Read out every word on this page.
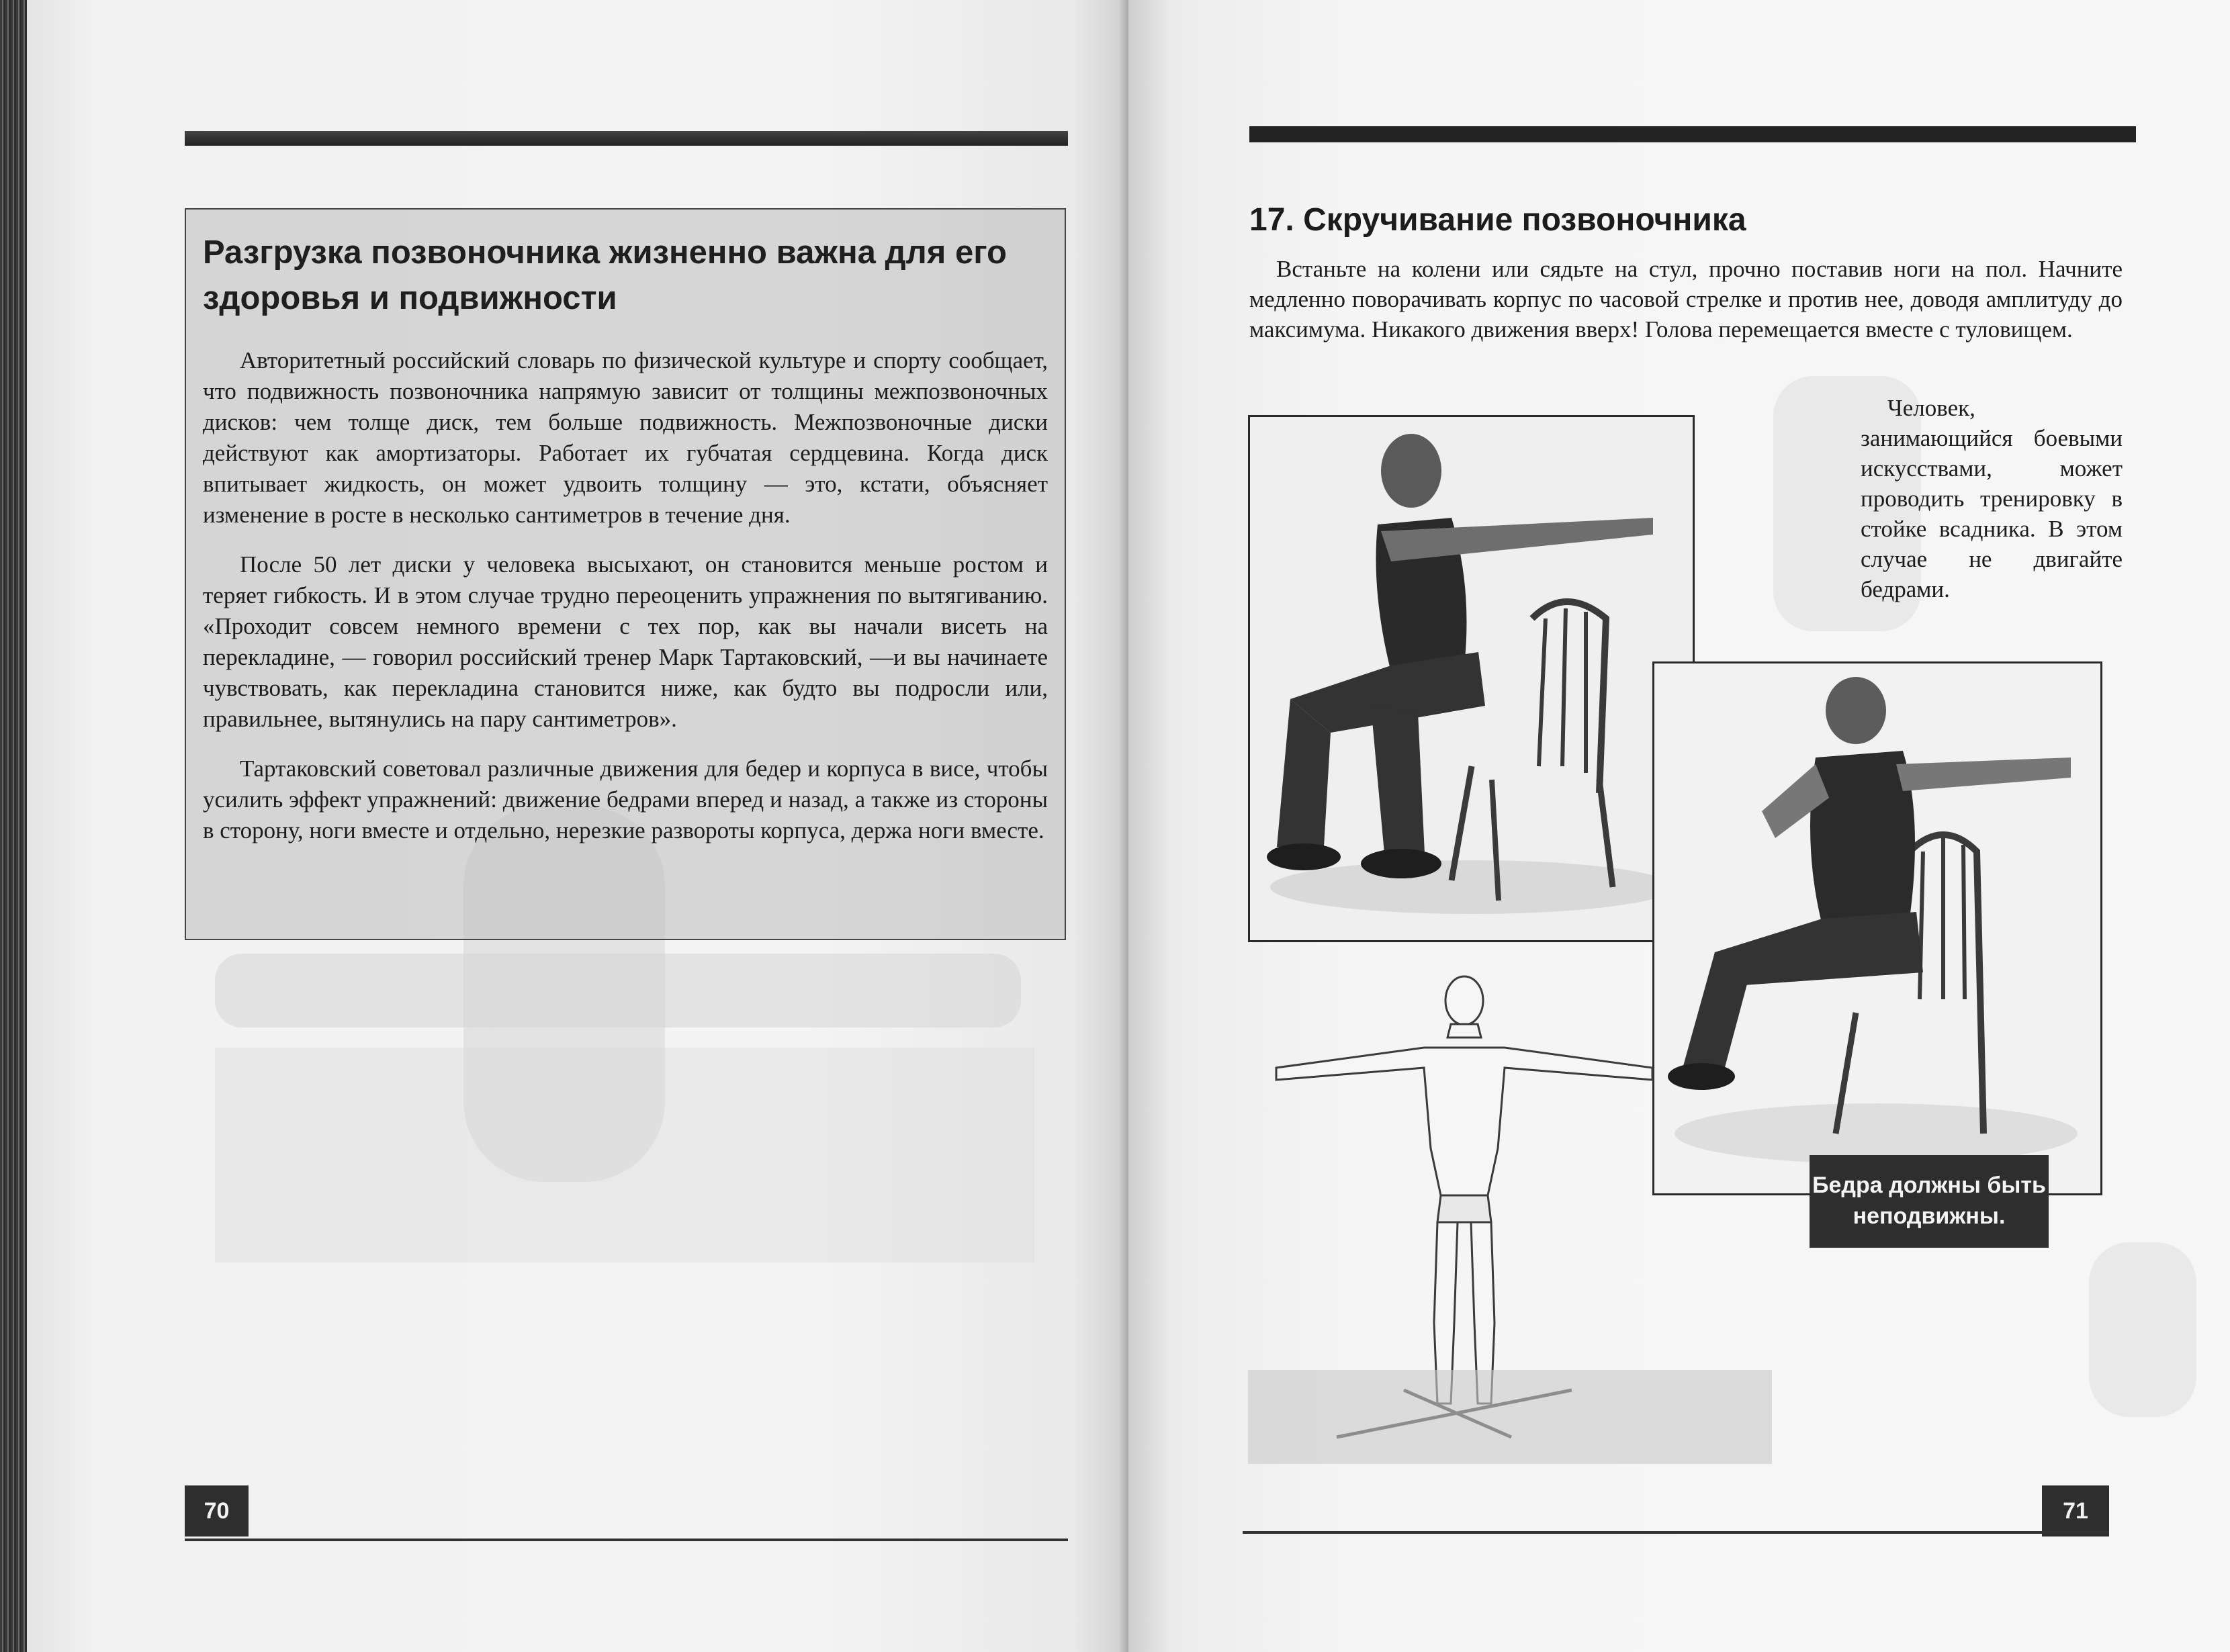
Разгрузка позвоночника жизненно важна для его здоровья и подвижности

Авторитетный российский словарь по физической культуре и спорту сообщает, что подвижность позвоночника напрямую зависит от толщины межпозвоночных дисков: чем толще диск, тем больше подвижность. Межпозвоночные диски действуют как амортизаторы. Работает их губчатая сердцевина. Когда диск впитывает жидкость, он может удвоить толщину — это, кстати, объясняет изменение в росте в несколько сантиметров в течение дня.

После 50 лет диски у человека высыхают, он становится меньше ростом и теряет гибкость. И в этом случае трудно переоценить упражнения по вытягиванию. «Проходит совсем немного времени с тех пор, как вы начали висеть на перекладине, — говорил российский тренер Марк Тартаковский, —и вы начинаете чувствовать, как перекладина становится ниже, как будто вы подросли или, правильнее, вытянулись на пару сантиметров».

Тартаковский советовал различные движения для бедер и корпуса в висе, чтобы усилить эффект упражнений: движение бедрами вперед и назад, а также из стороны в сторону, ноги вместе и отдельно, нерезкие развороты корпуса, держа ноги вместе.

70
17. Скручивание позвоночника

Встаньте на колени или сядьте на стул, прочно поставив ноги на пол. Начните медленно поворачивать корпус по часовой стрелке и против нее, доводя амплитуду до максимума. Никакого движения вверх! Голова перемещается вместе с туловищем.

Человек, занимающийся боевыми искусствами, может проводить тренировку в стойке всадника. В этом случае не двигайте бедрами.

Бедра должны быть неподвижны.
71
